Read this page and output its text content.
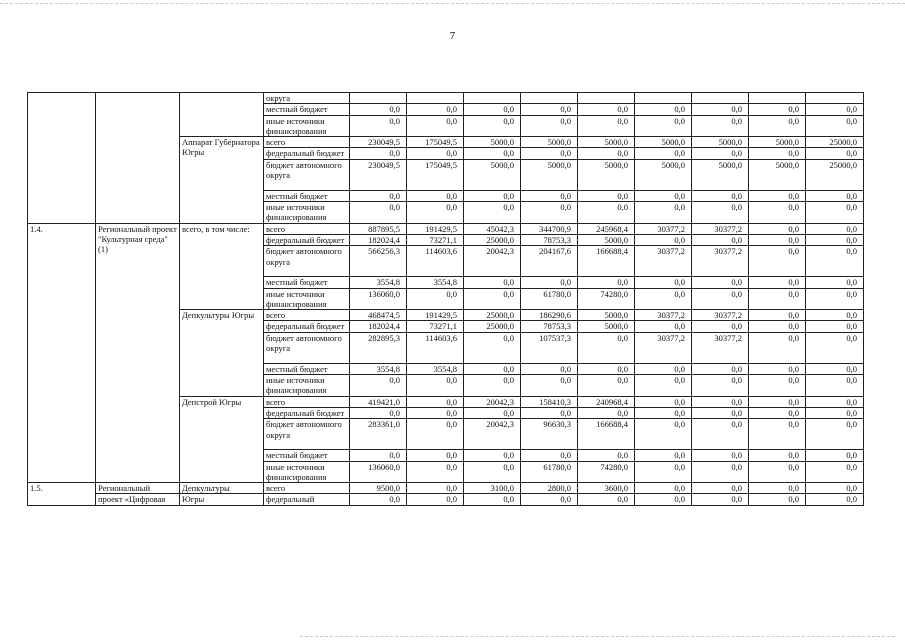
7
			округа									
			местный бюджет	0,0	0,0	0,0	0,0	0,0	0,0	0,0	0,0	0,0
			иные источники финансирования	0,0	0,0	0,0	0,0	0,0	0,0	0,0	0,0	0,0
		Аппарат Губернатора Югры	всего	230049,5	175049,5	5000,0	5000,0	5000,0	5000,0	5000,0	5000,0	25000,0
			федеральный бюджет	0,0	0,0	0,0	0,0	0,0	0,0	0,0	0,0	0,0
			бюджет автономного округа	230049,5	175049,5	5000,0	5000,0	5000,0	5000,0	5000,0	5000,0	25000,0
			местный бюджет	0,0	0,0	0,0	0,0	0,0	0,0	0,0	0,0	0,0
			иные источники финансирования	0,0	0,0	0,0	0,0	0,0	0,0	0,0	0,0	0,0
1.4.	Региональный проект "Культурная среда" (1)	всего, в том числе:	всего	887895,5	191429,5	45042,3	344700,9	245968,4	30377,2	30377,2	0,0	0,0
			федеральный бюджет	182024,4	73271,1	25000,0	78753,3	5000,0	0,0	0,0	0,0	0,0
			бюджет автономного округа	566256,3	114603,6	20042,3	204167,6	166688,4	30377,2	30377,2	0,0	0,0
			местный бюджет	3554,8	3554,8	0,0	0,0	0,0	0,0	0,0	0,0	0,0
			иные источники финансирования	136060,0	0,0	0,0	61780,0	74280,0	0,0	0,0	0,0	0,0
		Депкультуры Югры	всего	468474,5	191429,5	25000,0	186290,6	5000,0	30377,2	30377,2	0,0	0,0
			федеральный бюджет	182024,4	73271,1	25000,0	78753,3	5000,0	0,0	0,0	0,0	0,0
			бюджет автономного округа	282895,3	114603,6	0,0	107537,3	0,0	30377,2	30377,2	0,0	0,0
			местный бюджет	3554,8	3554,8	0,0	0,0	0,0	0,0	0,0	0,0	0,0
			иные источники финансирования	0,0	0,0	0,0	0,0	0,0	0,0	0,0	0,0	0,0
		Депстрой Югры	всего	419421,0	0,0	20042,3	158410,3	240968,4	0,0	0,0	0,0	0,0
			федеральный бюджет	0,0	0,0	0,0	0,0	0,0	0,0	0,0	0,0	0,0
			бюджет автономного округа	283361,0	0,0	20042,3	96630,3	166688,4	0,0	0,0	0,0	0,0
			местный бюджет	0,0	0,0	0,0	0,0	0,0	0,0	0,0	0,0	0,0
			иные источники финансирования	136060,0	0,0	0,0	61780,0	74280,0	0,0	0,0	0,0	0,0
1.5.	Региональный	Депкультуры	всего	9500,0	0,0	3100,0	2800,0	3600,0	0,0	0,0	0,0	0,0
	проект «Цифровая	Югры	федеральный	0,0	0,0	0,0	0,0	0,0	0,0	0,0	0,0	0,0
